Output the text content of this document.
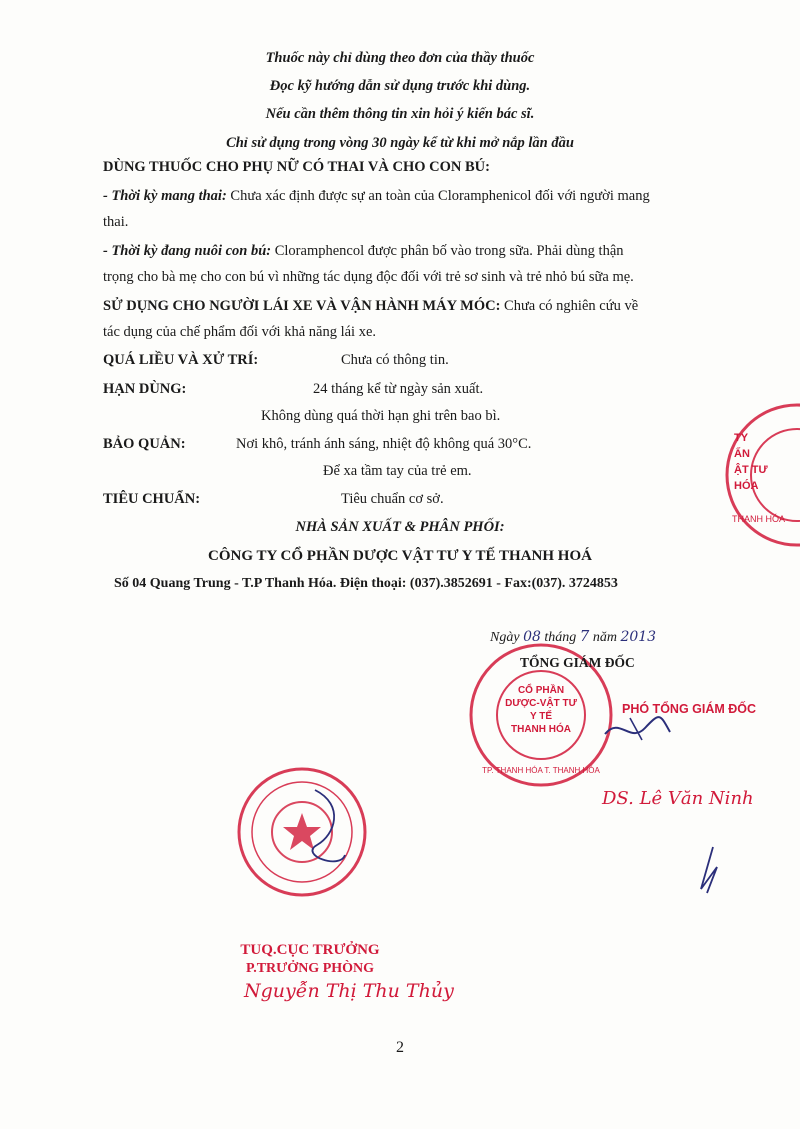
Thuốc này chỉ dùng theo đơn của thầy thuốc
Đọc kỹ hướng dẫn sử dụng trước khi dùng.
Nếu cần thêm thông tin xin hỏi ý kiến bác sĩ.
Chỉ sử dụng trong vòng 30 ngày kể từ khi mở nắp lần đầu
DÙNG THUỐC CHO PHỤ NỮ CÓ THAI VÀ CHO CON BÚ:
- Thời kỳ mang thai: Chưa xác định được sự an toàn của Cloramphenicol đối với người mang
thai.
- Thời kỳ đang nuôi con bú: Cloramphencol được phân bố vào trong sữa. Phải dùng thận
trọng cho bà mẹ cho con bú vì những tác dụng độc đối với trẻ sơ sinh và trẻ nhỏ bú sữa mẹ.
SỬ DỤNG CHO NGƯỜI LÁI XE VÀ VẬN HÀNH MÁY MÓC: Chưa có nghiên cứu về
tác dụng của chế phẩm đối với khả năng lái xe.
QUÁ LIỀU VÀ XỬ TRÍ:	Chưa có thông tin.
HẠN DÙNG:	24 tháng kể từ ngày sản xuất.
Không dùng quá thời hạn ghi trên bao bì.
BẢO QUẢN:	Nơi khô, tránh ánh sáng, nhiệt độ không quá 30°C.
Để xa tầm tay của trẻ em.
TIÊU CHUẨN:	Tiêu chuẩn cơ sở.
NHÀ SẢN XUẤT & PHÂN PHỐI:
CÔNG TY CỔ PHẦN DƯỢC VẬT TƯ Y TẾ THANH HOÁ
Số 04 Quang Trung - T.P Thanh Hóa. Điện thoại: (037).3852691 - Fax:(037). 3724853
Ngày 08 tháng 7 năm 2013
CỔ PHẦN
DƯỢC-VẬT TƯ
Y TẾ
THANH HÓA
TP. THANH HÓA T. THANH HÓA
TỔNG GIÁM ĐỐC
PHÓ TỔNG GIÁM ĐỐC
DS. Lê Văn Ninh
TY
ẨN
ẬT TƯ
HÓA
THANH HÓA
TUQ.CỤC TRƯỞNG
P.TRƯỞNG PHÒNG
Nguyễn Thị Thu Thủy
2
